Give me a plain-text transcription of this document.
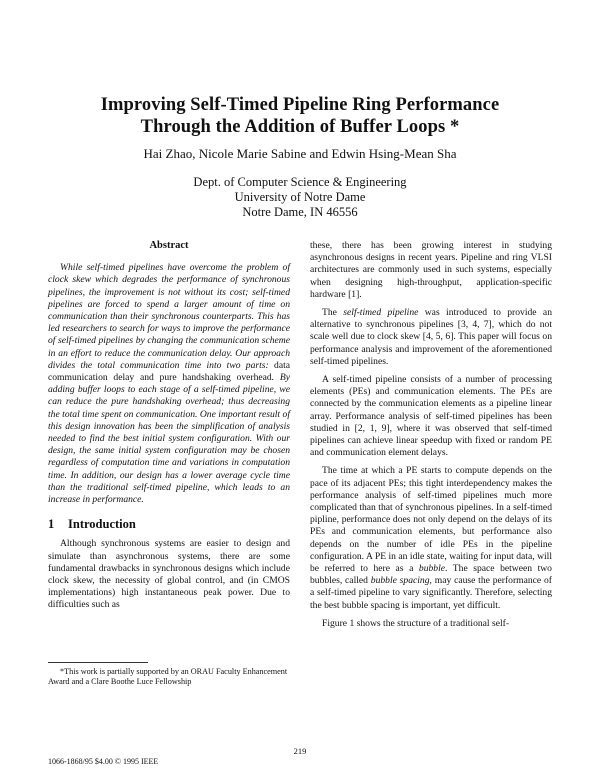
Improving Self-Timed Pipeline Ring Performance
Through the Addition of Buffer Loops *
Hai Zhao, Nicole Marie Sabine and Edwin Hsing-Mean Sha
Dept. of Computer Science & Engineering
University of Notre Dame
Notre Dame, IN 46556
Abstract

While self-timed pipelines have overcome the problem of clock skew which degrades the performance of synchronous pipelines, the improvement is not without its cost; self-timed pipelines are forced to spend a larger amount of time on communication than their synchronous counterparts. This has led researchers to search for ways to improve the performance of self-timed pipelines by changing the communication scheme in an effort to reduce the communication delay. Our approach divides the total communication time into two parts: data communication delay and pure handshaking overhead. By adding buffer loops to each stage of a self-timed pipeline, we can reduce the pure handshaking overhead; thus decreasing the total time spent on communication. One important result of this design innovation has been the simplification of analysis needed to find the best initial system configuration. With our design, the same initial system configuration may be chosen regardless of computation time and variations in computation time. In addition, our design has a lower average cycle time than the traditional self-timed pipeline, which leads to an increase in performance.

1 Introduction

Although synchronous systems are easier to design and simulate than asynchronous systems, there are some fundamental drawbacks in synchronous designs which include clock skew, the necessity of global control, and (in CMOS implementations) high instantaneous peak power. Due to difficulties such as

these, there has been growing interest in studying asynchronous designs in recent years. Pipeline and ring VLSI architectures are commonly used in such systems, especially when designing high-throughput, application-specific hardware [1].

The self-timed pipeline was introduced to provide an alternative to synchronous pipelines [3, 4, 7], which do not scale well due to clock skew [4, 5, 6]. This paper will focus on performance analysis and improvement of the aforementioned self-timed pipelines.

A self-timed pipeline consists of a number of processing elements (PEs) and communication elements. The PEs are connected by the communication elements as a pipeline linear array. Performance analysis of self-timed pipelines has been studied in [2, 1, 9], where it was observed that self-timed pipelines can achieve linear speedup with fixed or random PE and communication element delays.

The time at which a PE starts to compute depends on the pace of its adjacent PEs; this tight interdependency makes the performance analysis of self-timed pipelines much more complicated than that of synchronous pipelines. In a self-timed pipline, performance does not only depend on the delays of its PEs and communication elements, but performance also depends on the number of idle PEs in the pipeline configuration. A PE in an idle state, waiting for input data, will be referred to here as a bubble. The space between two bubbles, called bubble spacing, may cause the performance of a self-timed pipeline to vary significantly. Therefore, selecting the best bubble spacing is important, yet difficult.

Figure 1 shows the structure of a traditional self-

*This work is partially supported by an ORAU Faculty Enhancement Award and a Clare Boothe Luce Fellowship
219
1066-1868/95 $4.00 © 1995 IEEE
